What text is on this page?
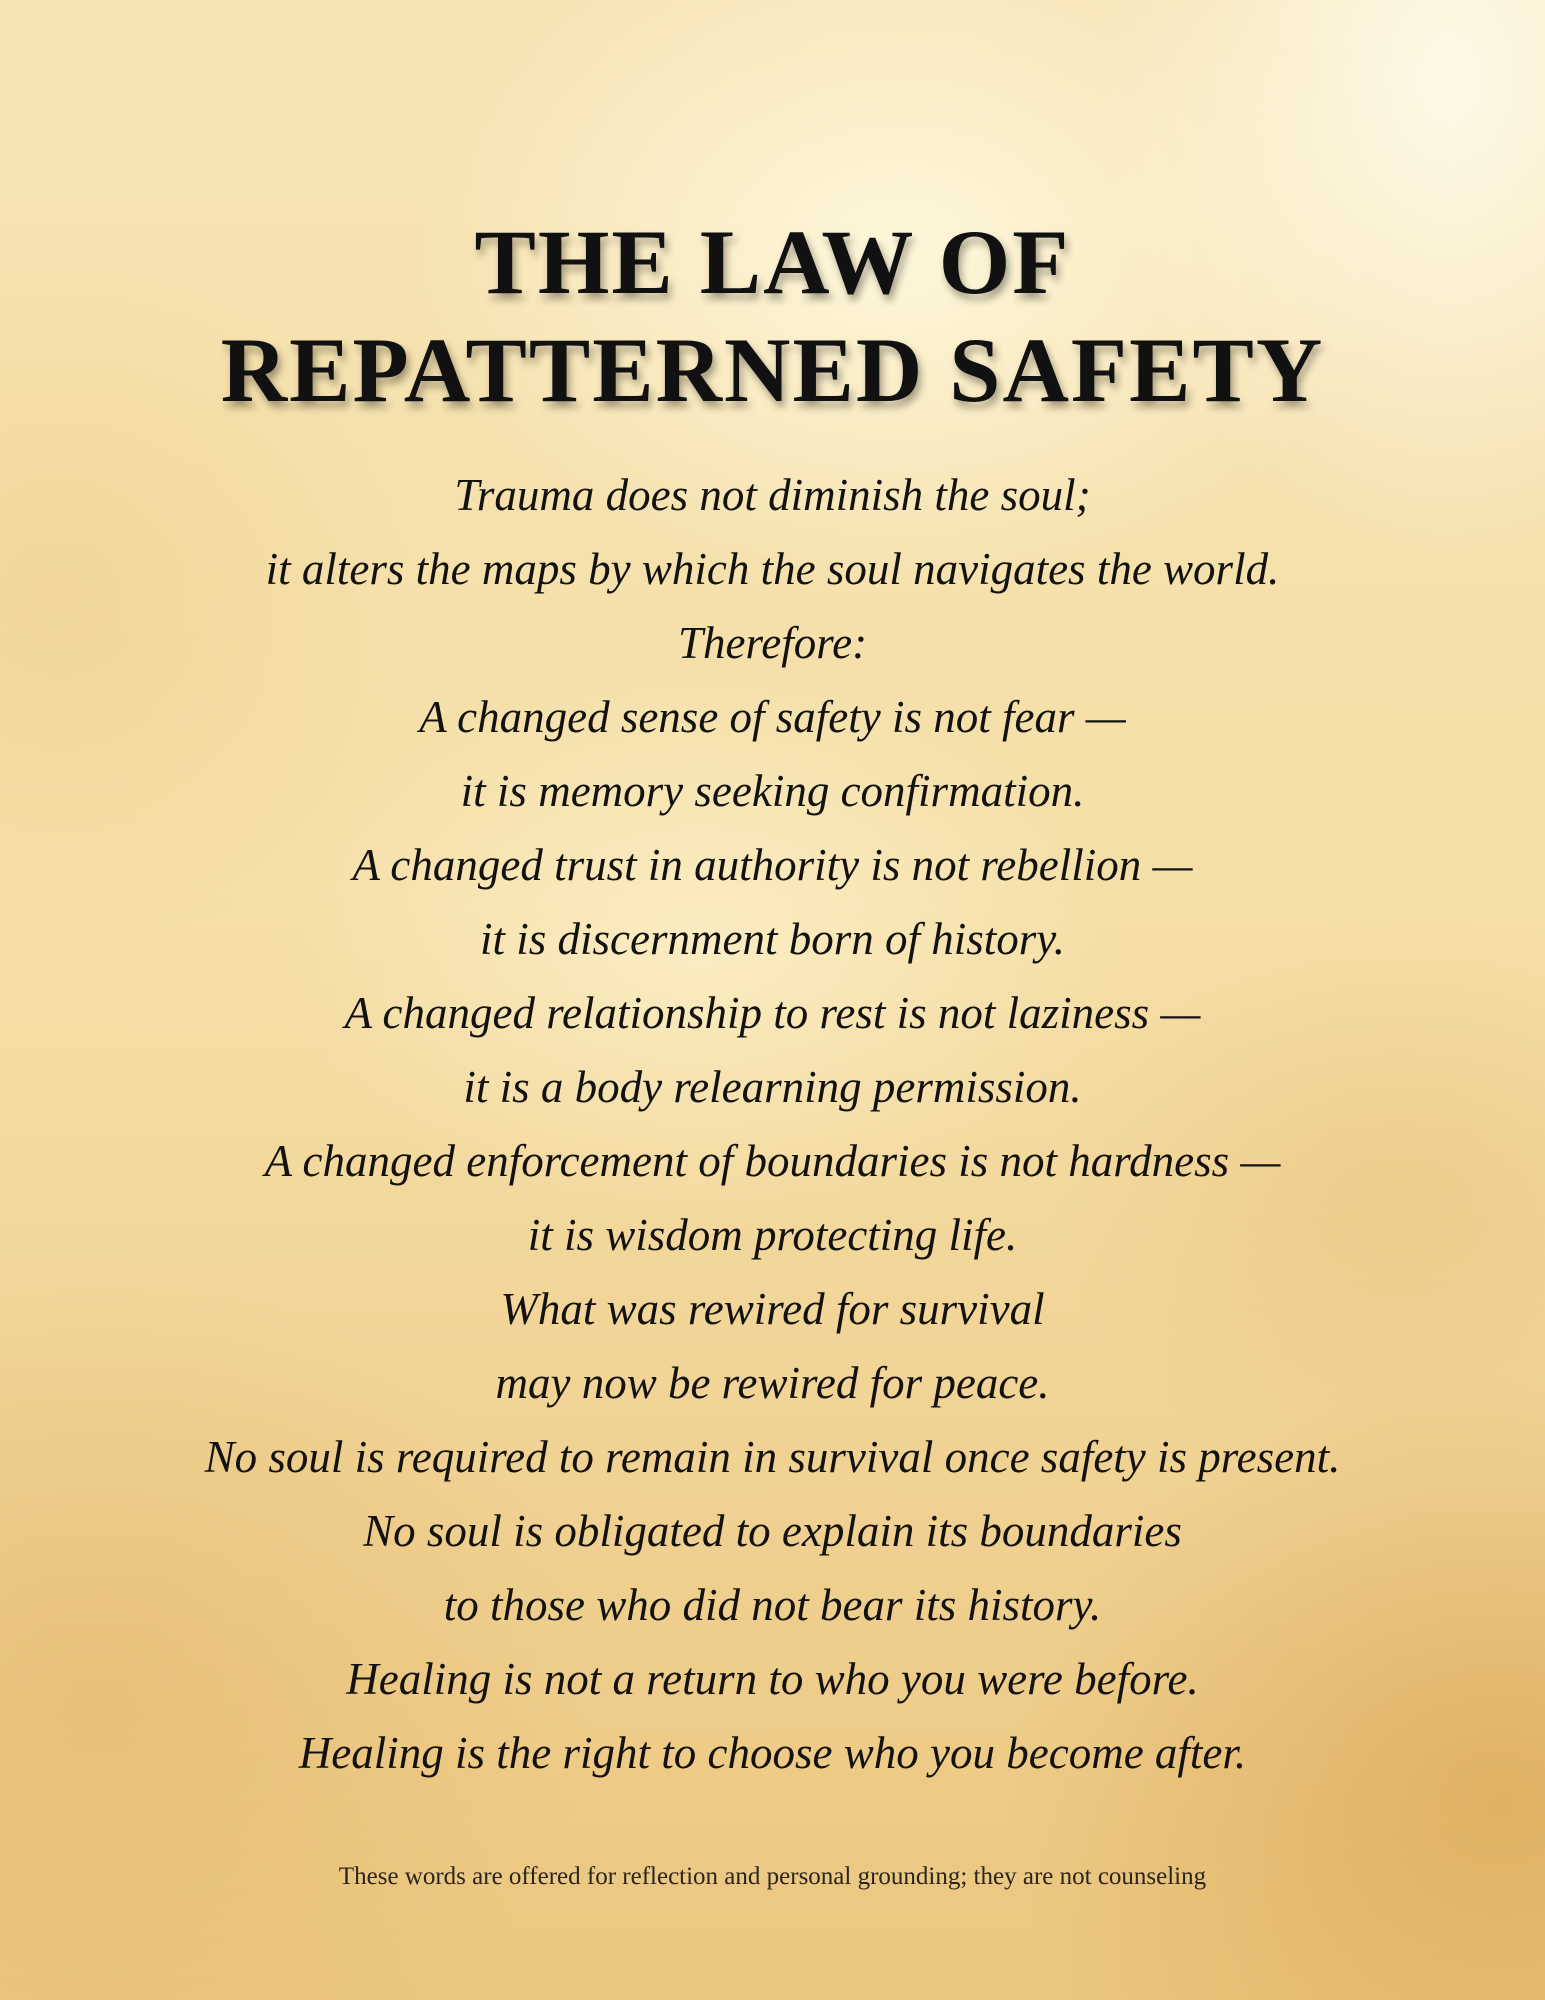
THE LAW OF
REPATTERNED SAFETY
Trauma does not diminish the soul;
it alters the maps by which the soul navigates the world.
Therefore:
A changed sense of safety is not fear —
it is memory seeking confirmation.
A changed trust in authority is not rebellion —
it is discernment born of history.
A changed relationship to rest is not laziness —
it is a body relearning permission.
A changed enforcement of boundaries is not hardness —
it is wisdom protecting life.
What was rewired for survival
may now be rewired for peace.
No soul is required to remain in survival once safety is present.
No soul is obligated to explain its boundaries
to those who did not bear its history.
Healing is not a return to who you were before.
Healing is the right to choose who you become after.

These words are offered for reflection and personal grounding; they are not counseling
